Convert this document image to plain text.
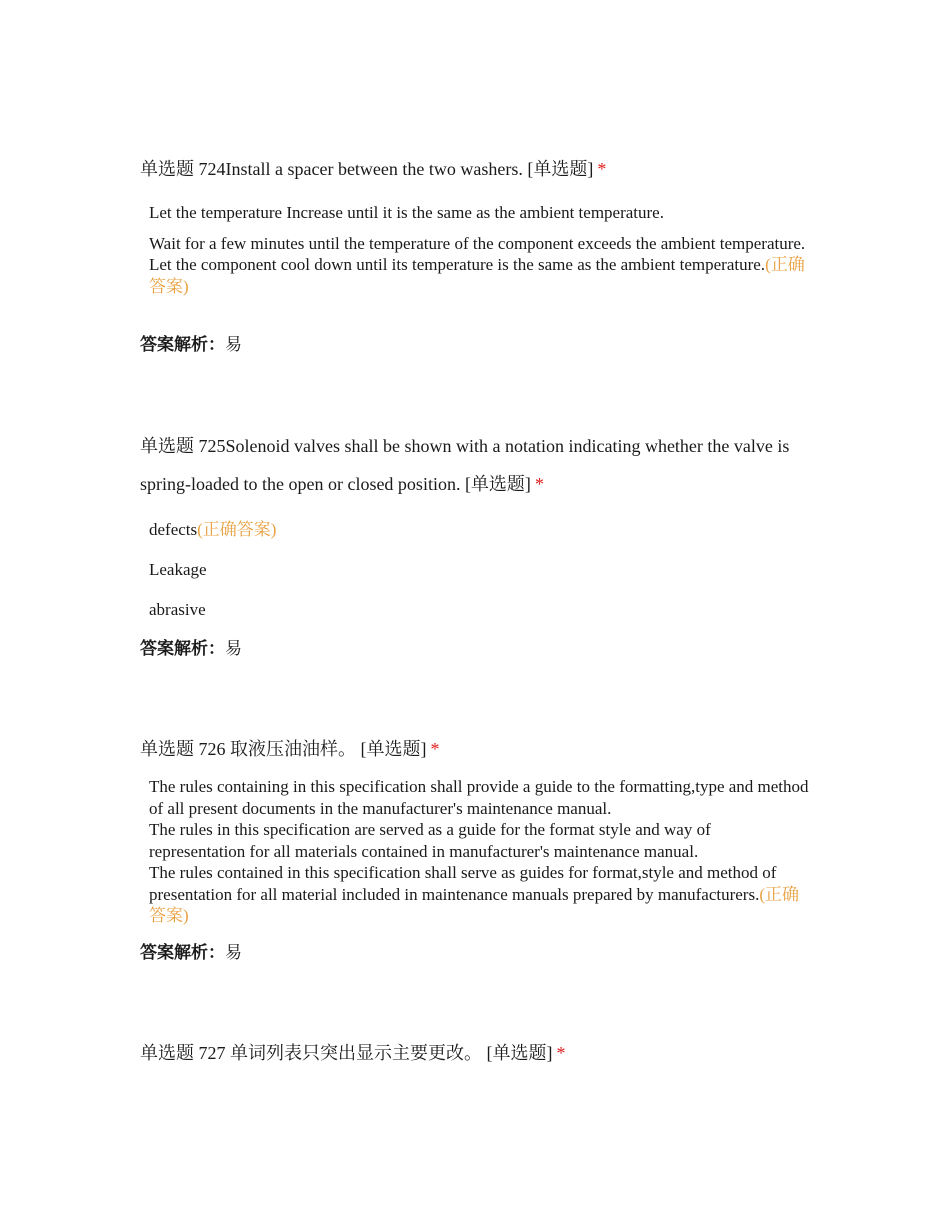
单选题 724Install a spacer between the two washers. [单选题] *

Let the temperature Increase until it is the same as the ambient temperature.

Wait for a few minutes until the temperature of the component exceeds the ambient temperature.

Let the component cool down until its temperature is the same as the ambient temperature.(正确答案)

答案解析：易
单选题 725Solenoid valves shall be shown with a notation indicating whether the valve is spring-loaded to the open or closed position. [单选题] *

defects(正确答案)

Leakage

abrasive

答案解析：易
单选题 726 取液压油油样。 [单选题] *

The rules containing in this specification shall provide a guide to the formatting,type and method of all present documents in the manufacturer's maintenance manual.

The rules in this specification are served as a guide for the format style and way of representation for all materials contained in manufacturer's maintenance manual.

The rules contained in this specification shall serve as guides for format,style and method of presentation for all material included in maintenance manuals prepared by manufacturers.(正确答案)

答案解析：易
单选题 727 单词列表只突出显示主要更改。 [单选题] *
